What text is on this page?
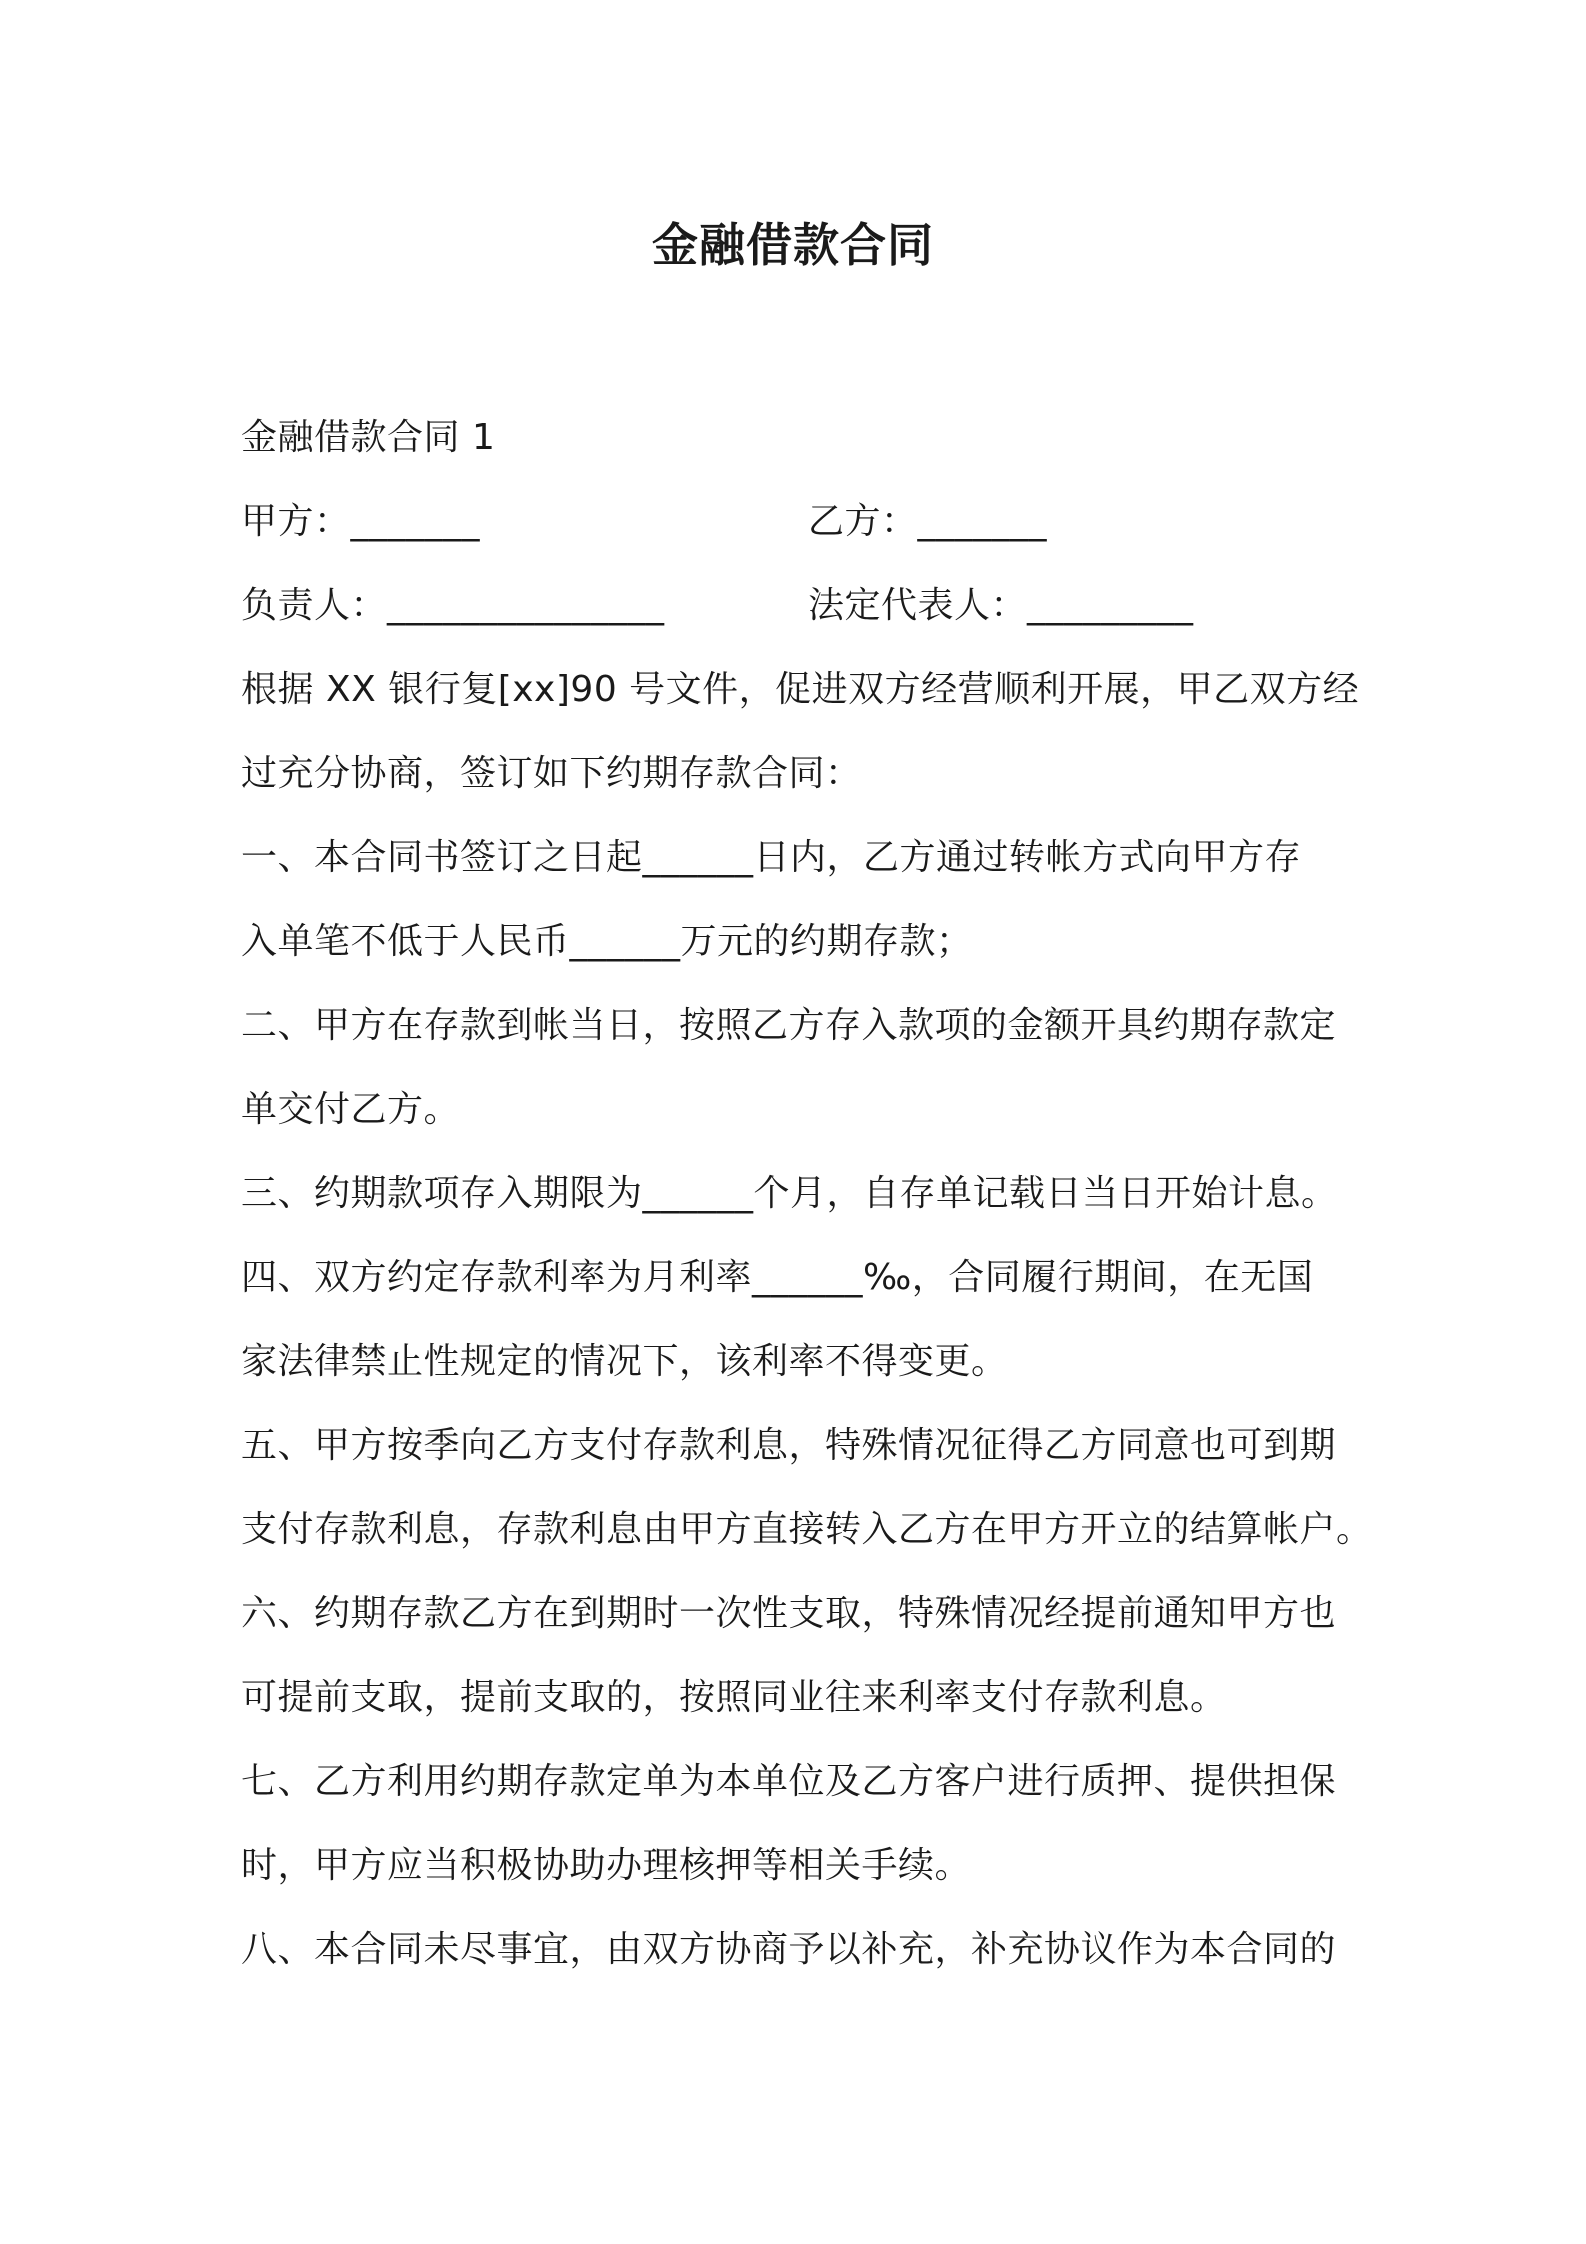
金融借款合同
金融借款合同 1
甲方：_______	乙方：_______
负责人：_______________	法定代表人：_________
根据 XX 银行复[xx]90 号文件，促进双方经营顺利开展，甲乙双方经
过充分协商，签订如下约期存款合同：
一、本合同书签订之日起______日内，乙方通过转帐方式向甲方存
入单笔不低于人民币______万元的约期存款；
二、甲方在存款到帐当日，按照乙方存入款项的金额开具约期存款定
单交付乙方。
三、约期款项存入期限为______个月，自存单记载日当日开始计息。
四、双方约定存款利率为月利率______‰，合同履行期间，在无国
家法律禁止性规定的情况下，该利率不得变更。
五、甲方按季向乙方支付存款利息，特殊情况征得乙方同意也可到期
支付存款利息，存款利息由甲方直接转入乙方在甲方开立的结算帐户。
六、约期存款乙方在到期时一次性支取，特殊情况经提前通知甲方也
可提前支取，提前支取的，按照同业往来利率支付存款利息。
七、乙方利用约期存款定单为本单位及乙方客户进行质押、提供担保
时，甲方应当积极协助办理核押等相关手续。
八、本合同未尽事宜，由双方协商予以补充，补充协议作为本合同的
